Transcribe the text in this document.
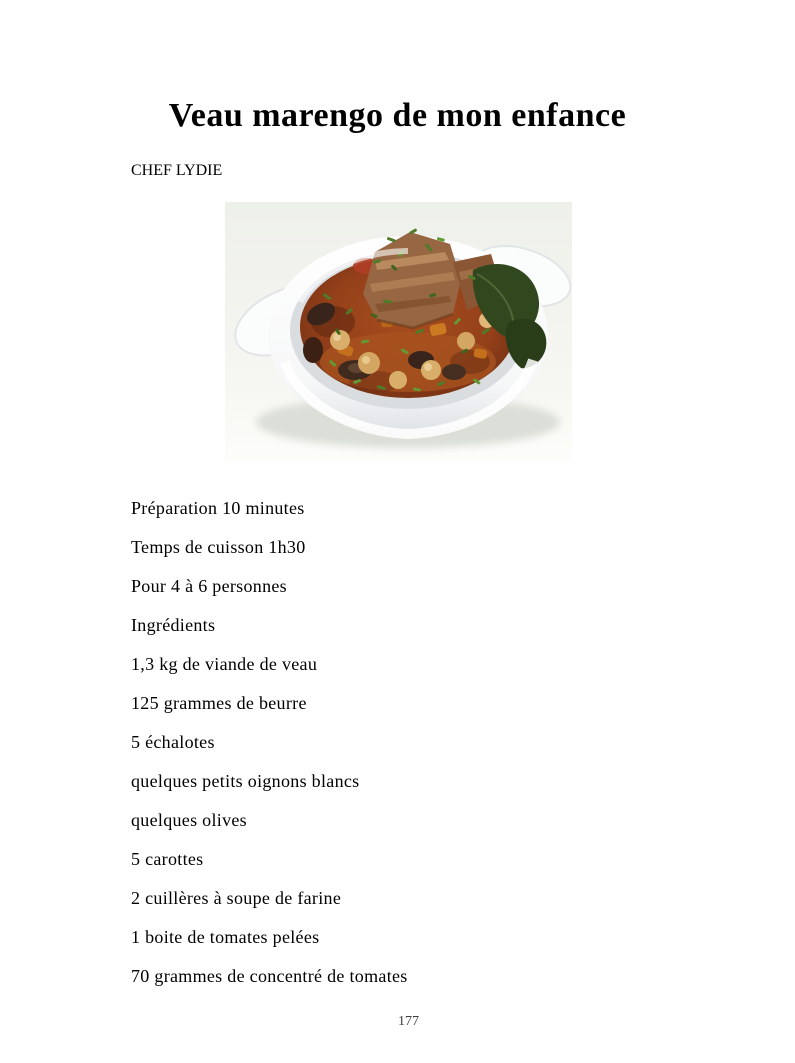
Veau marengo de mon enfance
CHEF LYDIE

Préparation 10 minutes

Temps de cuisson 1h30

Pour 4 à 6 personnes

Ingrédients

1,3 kg de viande de veau

125 grammes de beurre

5 échalotes

quelques petits oignons blancs

quelques olives

5 carottes

2 cuillères à soupe de farine

1 boite de tomates pelées

70 grammes de concentré de tomates

177
